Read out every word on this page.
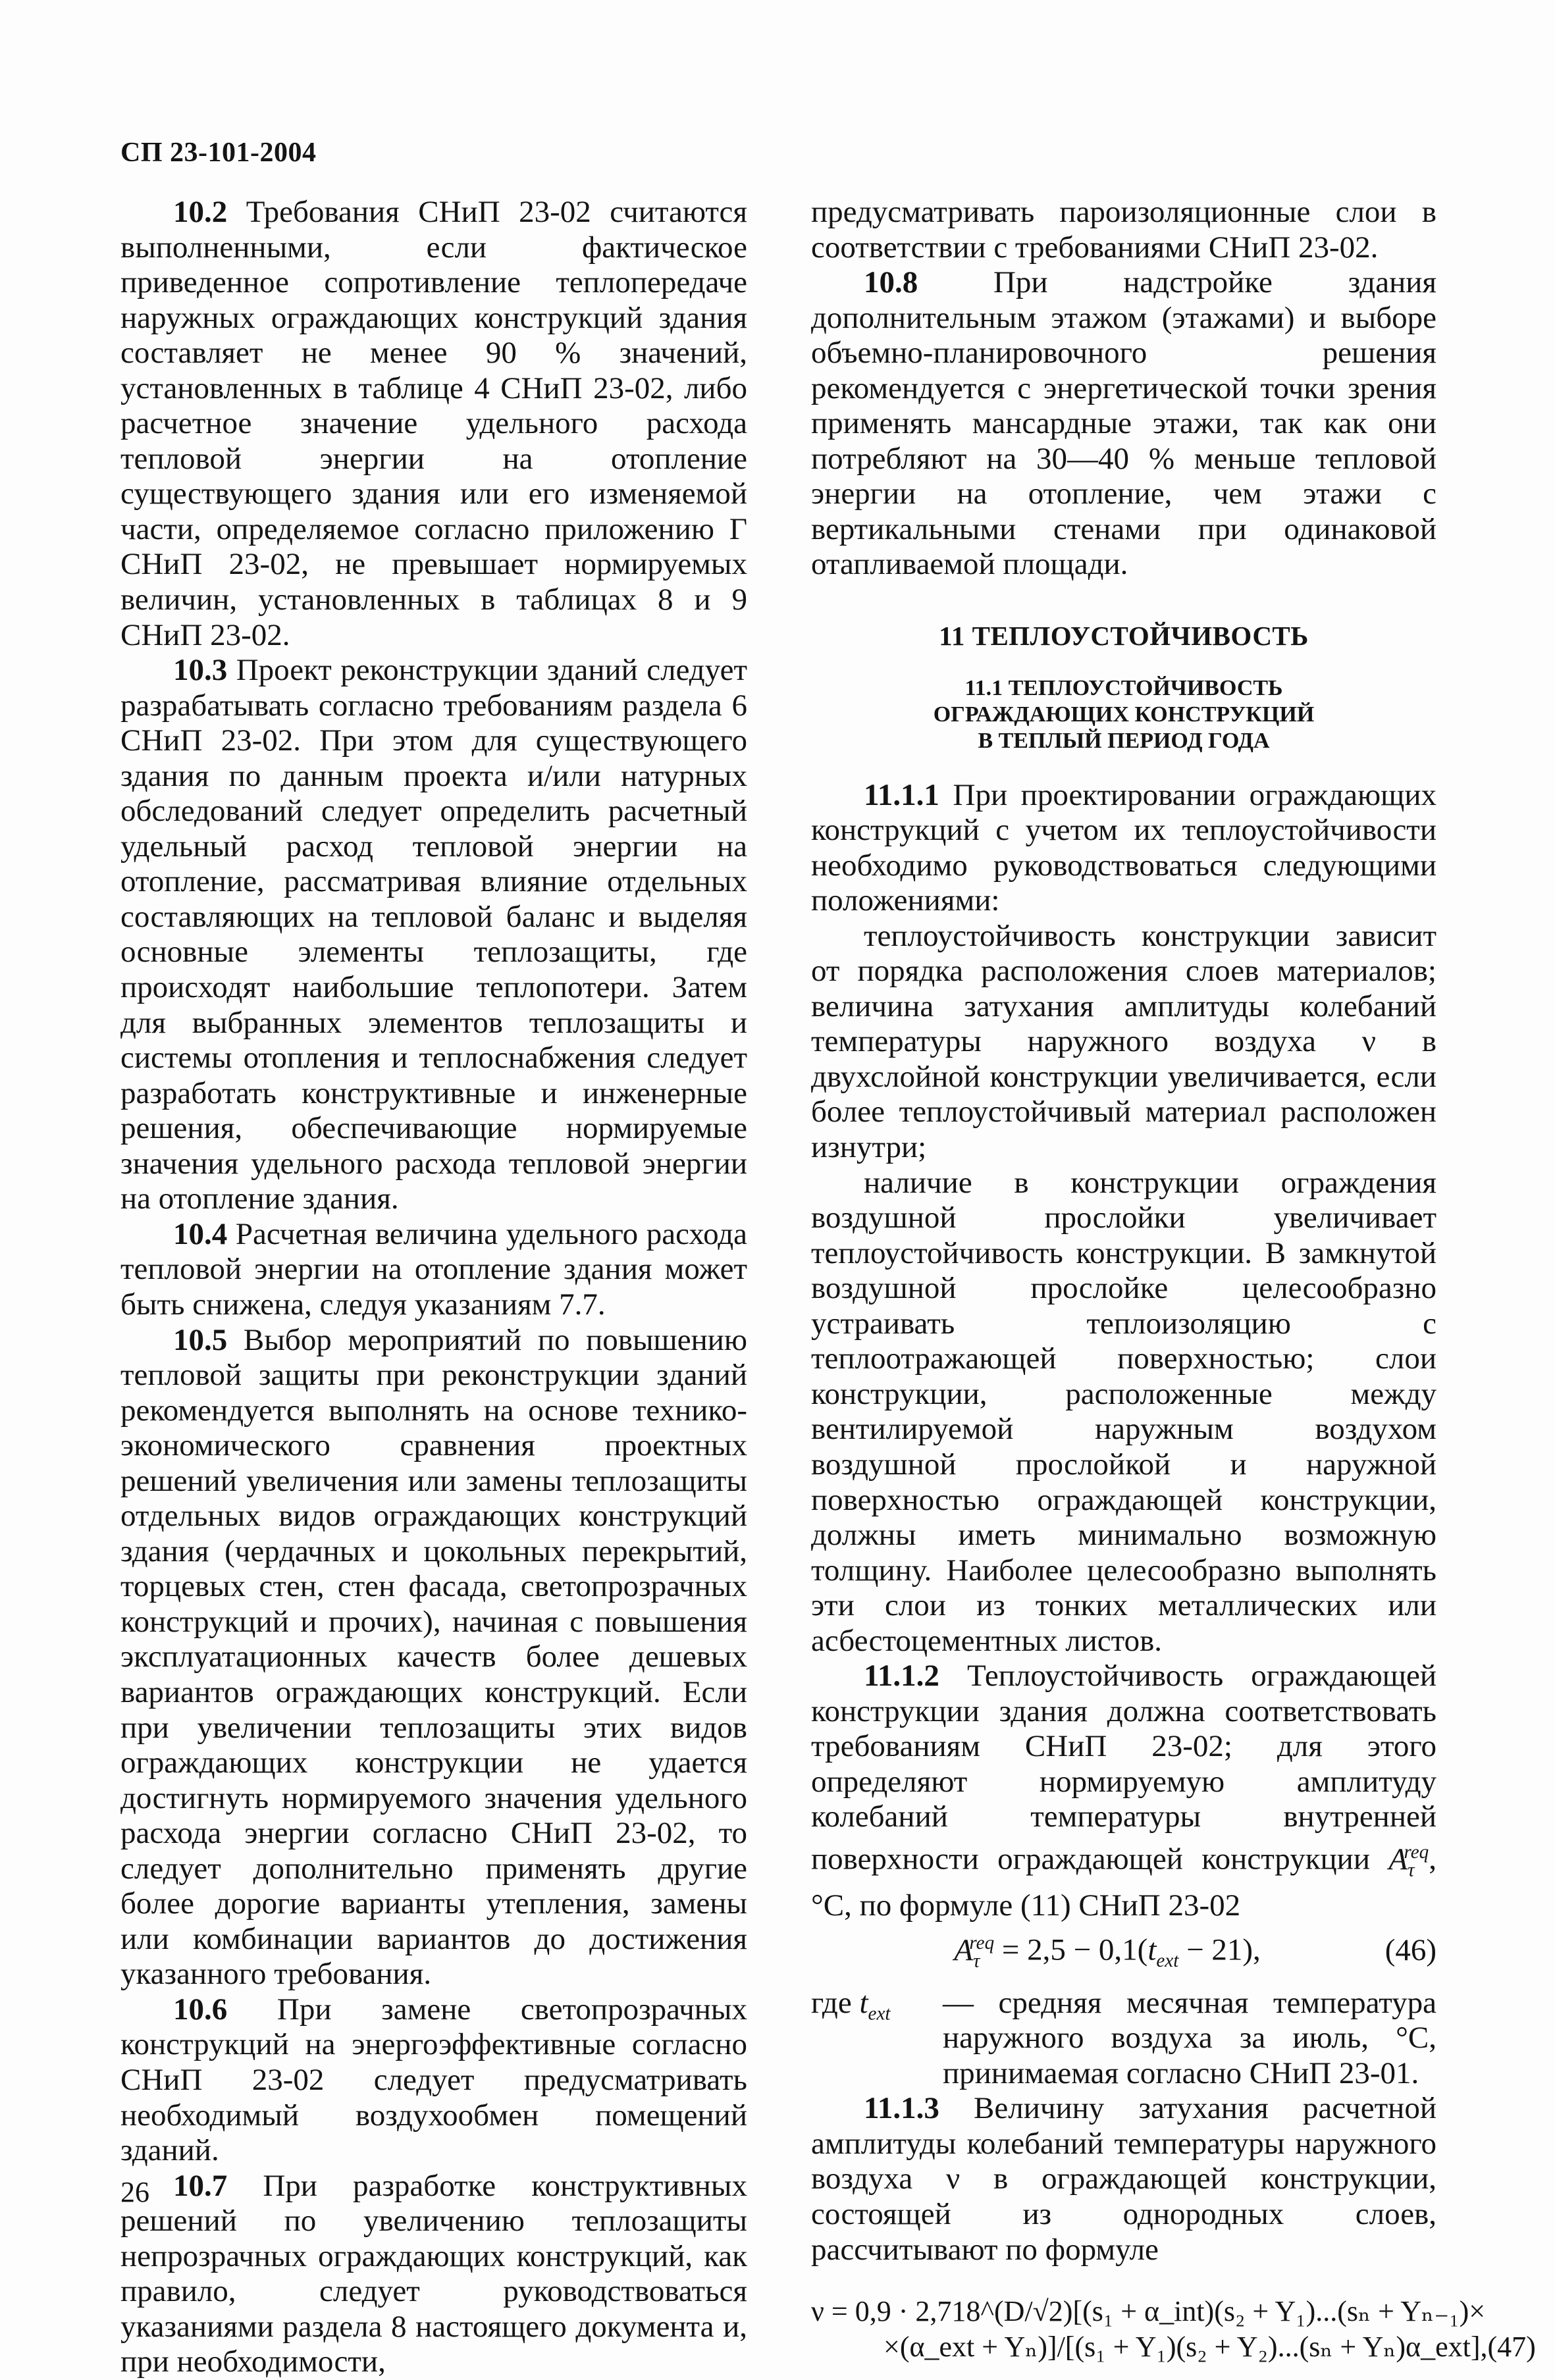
СП 23-101-2004

10.2 Требования СНиП 23-02 считаются выполненными, если фактическое приведенное сопротивление теплопередаче наружных ограждающих конструкций здания составляет не менее 90 % значений, установленных в таблице 4 СНиП 23-02, либо расчетное значение удельного расхода тепловой энергии на отопление существующего здания или его изменяемой части, определяемое согласно приложению Г СНиП 23-02, не превышает нормируемых величин, установленных в таблицах 8 и 9 СНиП 23-02.

10.3 Проект реконструкции зданий следует разрабатывать согласно требованиям раздела 6 СНиП 23-02. При этом для существующего здания по данным проекта и/или натурных обследований следует определить расчетный удельный расход тепловой энергии на отопление, рассматривая влияние отдельных составляющих на тепловой баланс и выделяя основные элементы теплозащиты, где происходят наибольшие теплопотери. Затем для выбранных элементов теплозащиты и системы отопления и теплоснабжения следует разработать конструктивные и инженерные решения, обеспечивающие нормируемые значения удельного расхода тепловой энергии на отопление здания.

10.4 Расчетная величина удельного расхода тепловой энергии на отопление здания может быть снижена, следуя указаниям 7.7.

10.5 Выбор мероприятий по повышению тепловой защиты при реконструкции зданий рекомендуется выполнять на основе технико-экономического сравнения проектных решений увеличения или замены теплозащиты отдельных видов ограждающих конструкций здания (чердачных и цокольных перекрытий, торцевых стен, стен фасада, светопрозрачных конструкций и прочих), начиная с повышения эксплуатационных качеств более дешевых вариантов ограждающих конструкций. Если при увеличении теплозащиты этих видов ограждающих конструкции не удается достигнуть нормируемого значения удельного расхода энергии согласно СНиП 23-02, то следует дополнительно применять другие более дорогие варианты утепления, замены или комбинации вариантов до достижения указанного требования.

10.6 При замене светопрозрачных конструкций на энергоэффективные согласно СНиП 23-02 следует предусматривать необходимый воздухообмен помещений зданий.

10.7 При разработке конструктивных решений по увеличению теплозащиты непрозрачных ограждающих конструкций, как правило, следует руководствоваться указаниями раздела 8 настоящего документа и, при необходимости,

предусматривать пароизоляционные слои в соответствии с требованиями СНиП 23-02.

10.8 При надстройке здания дополнительным этажом (этажами) и выборе объемно-планировочного решения рекомендуется с энергетической точки зрения применять мансардные этажи, так как они потребляют на 30—40 % меньше тепловой энергии на отопление, чем этажи с вертикальными стенами при одинаковой отапливаемой площади.

11 ТЕПЛОУСТОЙЧИВОСТЬ
11.1 ТЕПЛОУСТОЙЧИВОСТЬ
ОГРАЖДАЮЩИХ КОНСТРУКЦИЙ
В ТЕПЛЫЙ ПЕРИОД ГОДА

11.1.1 При проектировании ограждающих конструкций с учетом их теплоустойчивости необходимо руководствоваться следующими положениями:

теплоустойчивость конструкции зависит от порядка расположения слоев материалов; величина затухания амплитуды колебаний температуры наружного воздуха ν в двухслойной конструкции увеличивается, если более теплоустойчивый материал расположен изнутри;

наличие в конструкции ограждения воздушной прослойки увеличивает теплоустойчивость конструкции. В замкнутой воздушной прослойке целесообразно устраивать теплоизоляцию с теплоотражающей поверхностью; слои конструкции, расположенные между вентилируемой наружным воздухом воздушной прослойкой и наружной поверхностью ограждающей конструкции, должны иметь минимально возможную толщину. Наиболее целесообразно выполнять эти слои из тонких металлических или асбестоцементных листов.

11.1.2 Теплоустойчивость ограждающей конструкции здания должна соответствовать требованиям СНиП 23-02; для этого определяют нормируемую амплитуду колебаний температуры внутренней поверхности ограждающей конструкции $A_\tau^{req}$, °С, по формуле (11) СНиП 23-02

$A_\tau^{req} = 2,5 - 0,1(t_{ext} - 21)$,	(46)
где $t_{ext}$	— средняя месячная температура наружного воздуха за июль, °С, принимаемая согласно СНиП 23-01.

11.1.3 Величину затухания расчетной амплитуды колебаний температуры наружного воздуха ν в ограждающей конструкции, состоящей из однородных слоев, рассчитывают по формуле

ν = 0,9 · 2,718^(D/√2)[(s₁ + α_int)(s₂ + Y₁)...(sₙ + Yₙ₋₁)×
×(α_ext + Yₙ)]/[(s₁ + Y₁)(s₂ + Y₂)...(sₙ + Yₙ)α_ext],(47)
26
